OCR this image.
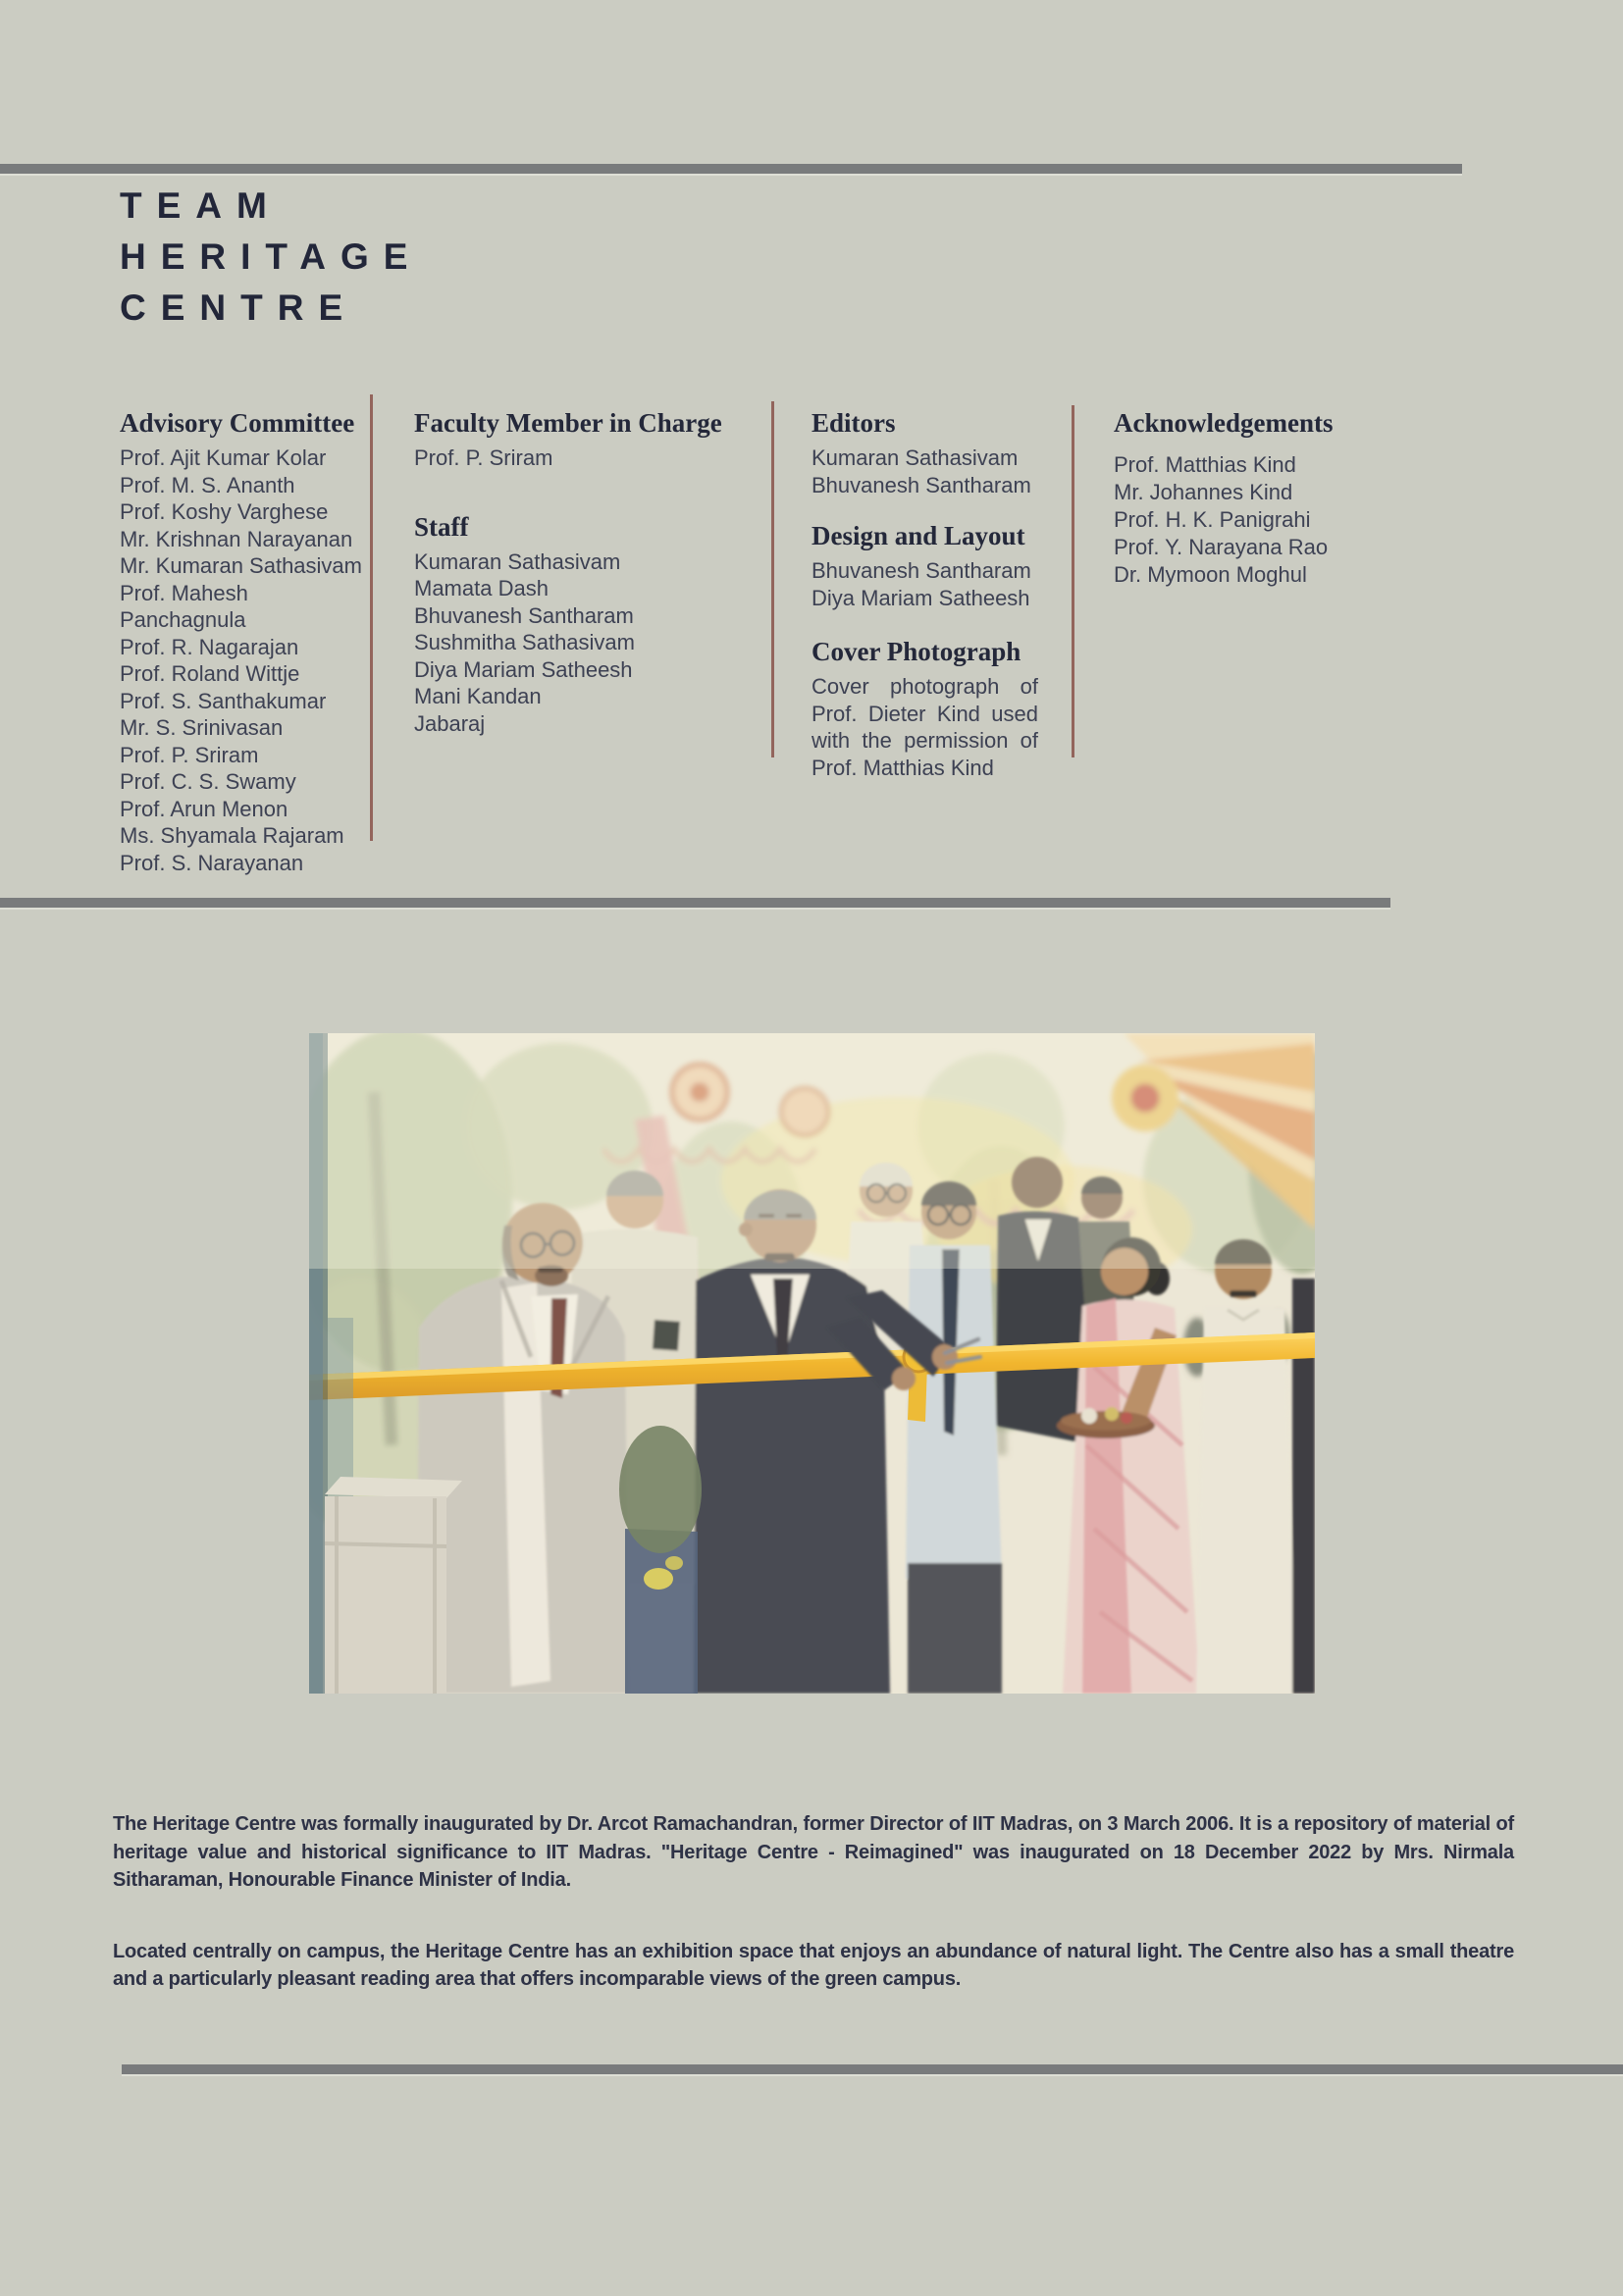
TEAM
HERITAGE
CENTRE
Advisory Committee
Prof. Ajit Kumar Kolar
Prof. M. S. Ananth
Prof. Koshy Varghese
Mr. Krishnan Narayanan
Mr. Kumaran Sathasivam
Prof. Mahesh Panchagnula
Prof. R. Nagarajan
Prof. Roland Wittje
Prof. S. Santhakumar
Mr. S. Srinivasan
Prof. P. Sriram
Prof. C. S. Swamy
Prof. Arun Menon
Ms. Shyamala Rajaram
Prof. S. Narayanan
Faculty Member in Charge
Prof. P. Sriram
Staff
Kumaran Sathasivam
Mamata Dash
Bhuvanesh Santharam
Sushmitha Sathasivam
Diya Mariam Satheesh
Mani Kandan
Jabaraj
Editors
Kumaran Sathasivam
Bhuvanesh Santharam
Design and Layout
Bhuvanesh Santharam
Diya Mariam Satheesh
Cover Photograph
Cover photograph of Prof. Dieter Kind used with the permission of Prof. Matthias Kind
Acknowledgements
Prof. Matthias Kind
Mr. Johannes Kind
Prof. H. K. Panigrahi
Prof. Y. Narayana Rao
Dr. Mymoon Moghul

The Heritage Centre was formally inaugurated by Dr. Arcot Ramachandran, former Director of IIT Madras, on 3 March 2006. It is a repository of material of heritage value and historical significance to IIT Madras. "Heritage Centre - Reimagined" was inaugurated on 18 December 2022 by Mrs. Nirmala Sitharaman, Honourable Finance Minister of India.

Located centrally on campus, the Heritage Centre has an exhibition space that enjoys an abundance of natural light. The Centre also has a small theatre and a particularly pleasant reading area that offers incomparable views of the green campus.
